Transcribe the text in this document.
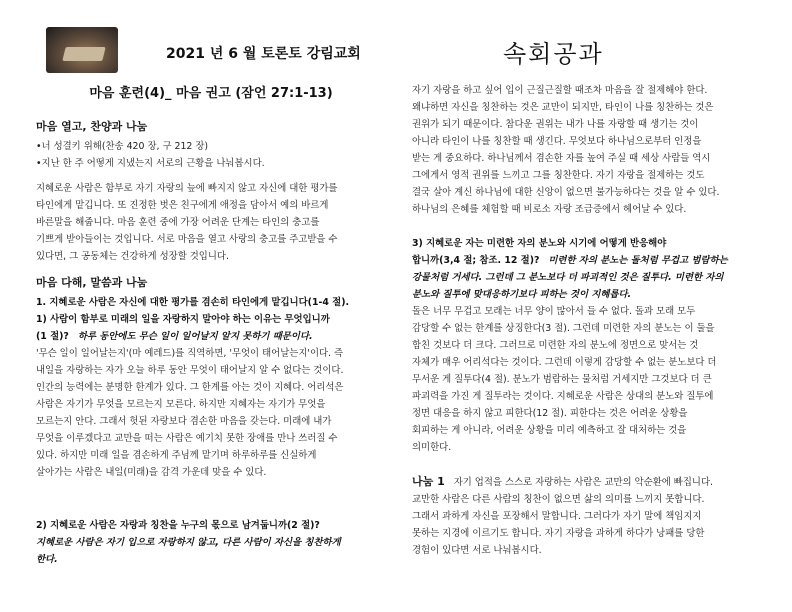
2021 년 6 월 토론토 강림교회	속회공과
마음 훈련(4)_ 마음 권고 (잠언 27:1-13)
마음 열고, 찬양과 나눔
•너 성결키 위해(찬송 420 장, 구 212 장)
•지난 한 주 어떻게 지냈는지 서로의 근황을 나눠봅시다.
지혜로운 사람은 함부로 자기 자랑의 늪에 빠지지 않고 자신에 대한 평가를
타인에게 맡깁니다. 또 진정한 벗은 친구에게 애정을 담아서 예의 바르게
바른말을 해줍니다. 마음 훈련 중에 가장 어려운 단계는 타인의 충고를
기쁘게 받아들이는 것입니다. 서로 마음을 열고 사랑의 충고를 주고받을 수
있다면, 그 공동체는 건강하게 성장할 것입니다.
마음 다해, 말씀과 나눔
1. 지혜로운 사람은 자신에 대한 평가를 겸손히 타인에게 맡깁니다(1-4 절).
1) 사람이 함부로 미래의 일을 자랑하지 말아야 하는 이유는 무엇입니까
(1 절)? 하루 동안에도 무슨 일이 일어날지 알지 못하기 때문이다.
'무슨 일이 일어날는지'(마 예레드)를 직역하면, '무엇이 태어날는지'이다. 즉
내일을 자랑하는 자가 오늘 하루 동안 무엇이 태어날지 알 수 없다는 것이다.
인간의 능력에는 분명한 한계가 있다. 그 한계를 아는 것이 지혜다. 어리석은
사람은 자기가 무엇을 모르는지 모른다. 하지만 지혜자는 자기가 무엇을
모르는지 안다. 그래서 헛된 자랑보다 겸손한 마음을 갖는다. 미래에 내가
무엇을 이루겠다고 교만을 떠는 사람은 예기치 못한 장애를 만나 쓰러질 수
있다. 하지만 미래 일을 겸손하게 주님께 맡기며 하루하루를 신실하게
살아가는 사람은 내일(미래)을 감격 가운데 맞을 수 있다.
2) 지혜로운 사람은 자랑과 칭찬을 누구의 몫으로 남겨둡니까(2 절)?
지혜로운 사람은 자기 입으로 자랑하지 않고, 다른 사람이 자신을 칭찬하게
한다.
자기 자랑을 하고 싶어 입이 근질근질할 때조차 마음을 잘 절제해야 한다.
왜냐하면 자신을 칭찬하는 것은 교만이 되지만, 타인이 나를 칭찬하는 것은
권위가 되기 때문이다. 참다운 권위는 내가 나를 자랑할 때 생기는 것이
아니라 타인이 나를 칭찬할 때 생긴다. 무엇보다 하나님으로부터 인정을
받는 게 중요하다. 하나님께서 겸손한 자를 높여 주실 때 세상 사람들 역시
그에게서 영적 권위를 느끼고 그를 칭찬한다. 자기 자랑을 절제하는 것도
결국 살아 계신 하나님에 대한 신앙이 없으면 불가능하다는 것을 알 수 있다.
하나님의 은혜를 체험할 때 비로소 자랑 조급증에서 헤어날 수 있다.
3) 지혜로운 자는 미련한 자의 분노와 시기에 어떻게 반응해야
합니까(3,4 절; 참조. 12 절)? 미련한 자의 분노는 돌처럼 무겁고 범람하는
강물처럼 거세다. 그런데 그 분노보다 더 파괴적인 것은 질투다. 미련한 자의
분노와 질투에 맞대응하기보다 피하는 것이 지혜롭다.
돌은 너무 무겁고 모래는 너무 양이 많아서 들 수 없다. 돌과 모래 모두
감당할 수 없는 한계를 상징한다(3 절). 그런데 미련한 자의 분노는 이 둘을
합친 것보다 더 크다. 그러므로 미련한 자의 분노에 정면으로 맞서는 것
자체가 매우 어리석다는 것이다. 그런데 이렇게 감당할 수 없는 분노보다 더
무서운 게 질투다(4 절). 분노가 범람하는 물처럼 거세지만 그것보다 더 큰
파괴력을 가진 게 질투라는 것이다. 지혜로운 사람은 상대의 분노와 질투에
정면 대응을 하지 않고 피한다(12 절). 피한다는 것은 어려운 상황을
회피하는 게 아니라, 어려운 상황을 미리 예측하고 잘 대처하는 것을
의미한다.
나눔 1 자기 업적을 스스로 자랑하는 사람은 교만의 악순환에 빠집니다.
교만한 사람은 다른 사람의 칭찬이 없으면 삶의 의미를 느끼지 못합니다.
그래서 과하게 자신을 포장해서 말합니다. 그러다가 자기 말에 책임지지
못하는 지경에 이르기도 합니다. 자기 자랑을 과하게 하다가 낭패를 당한
경험이 있다면 서로 나눠봅시다.
